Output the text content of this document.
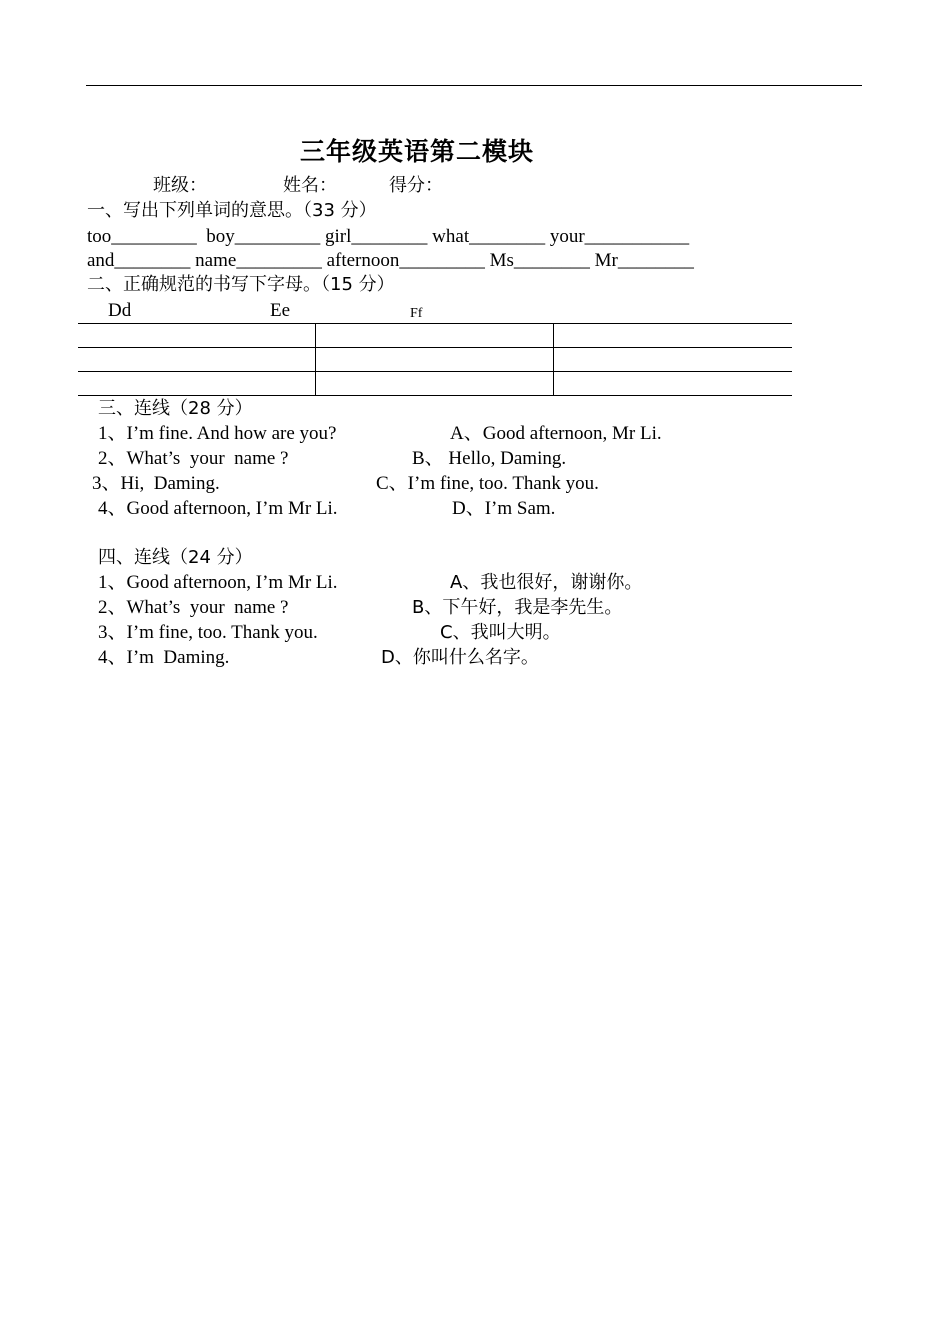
三年级英语第二模块
班级：	姓名：	得分：
一、写出下列单词的意思。（33 分）
too_________  boy_________ girl________ what________ your___________
and________ name_________ afternoon_________ Ms________ Mr________
二、正确规范的书写下字母。（15 分）
Dd	Ee	Ff
三、连线（28 分）
1、I’m fine. And how are you?	A、Good afternoon, Mr Li.
2、What’s  your  name ?	B、 Hello, Daming.
3、Hi,  Daming.	C、I’m fine, too. Thank you.
4、Good afternoon, I’m Mr Li.	D、I’m Sam.
四、连线（24 分）
1、Good afternoon, I’m Mr Li.	A、我也很好，谢谢你。
2、What’s  your  name ?	B、下午好，我是李先生。
3、I’m fine, too. Thank you.	C、我叫大明。
4、I’m  Daming.	D、你叫什么名字。
